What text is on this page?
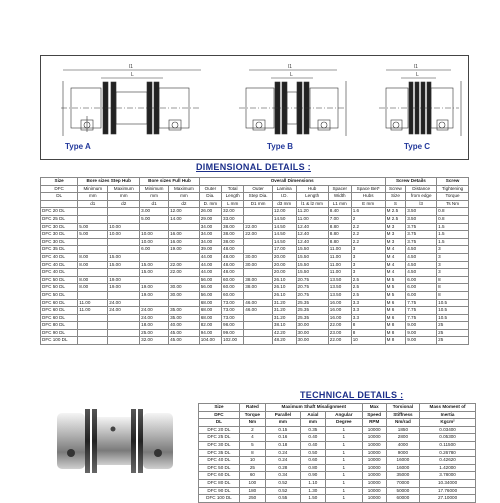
l1
L
l1
L
l1
L
Type A	Type B	Type C
DIMENSIONAL DETAILS :
Size	Bore sizes Step Hub		Bore sizes Full Hub		Overall Dimensions							Screw Details		Screw
DFC	Minimum	Maximum	Minimum	Maximum	Outer	Total	Outer	Lamina	Hub	Spacer	Space Bet*	Screw	Distance	Tightening
DL	mm	mm	mm	mm	Dia.	Length	Step Dia.	I.D.	Length	Width	Hubs	Size	from edge	Torque
	d1	d2	d1	d2	D. mm	L mm	D1 mm	d3 mm	l1 & l2 mm	L1 mm	E mm	S	l3	Ts Nm
DFC 20 DL			3.00	12.00	26.00	32.00		12.00	11.20	8.40	1.6	M 2.5	3.50	0.8
DFC 25 DL			5.00	14.00	29.00	33.00		14.50	11.00	7.00	2	M 2.5	3.50	0.8
DFC 30 DL	5.00	10.00			34.00	38.00	22.00	14.50	12.40	8.80	2.2	M 3	3.75	1.5
DFC 30 DL	5.00	10.00	10.00	16.00	34.00	38.00	22.00	14.50	12.40	8.80	2.2	M 3	3.75	1.5
DFC 30 DL			10.00	16.00	34.00	38.00		14.50	12.40	8.80	2.2	M 3	3.75	1.5
DFC 35 DL			6.00	19.00	39.00	48.00		17.00	15.50	11.00	3	M 4	4.50	3
DFC 40 DL	8.00	15.00			44.00	48.00	30.00	20.00	15.50	11.00	3	M 4	4.50	3
DFC 40 DL	8.00	15.00	15.00	22.00	44.00	48.00	30.00	20.00	15.50	11.00	3	M 4	4.50	3
DFC 40 DL			15.00	22.00	44.00	48.00		20.00	15.50	11.00	3	M 4	4.50	3
DFC 50 DL	8.00	19.00			56.00	60.00	38.00	26.10	20.75	13.50	2.5	M 5	6.00	8
DFC 50 DL	8.00	19.00	19.00	30.00	56.00	60.00	38.00	26.10	20.75	13.50	2.5	M 5	6.00	8
DFC 50 DL			19.00	30.00	56.00	60.00		26.10	20.75	13.50	2.5	M 5	6.00	8
DFC 60 DL	11.00	24.00			68.00	73.00	46.00	31.20	25.35	16.00	3.3	M 6	7.75	10.5
DFC 60 DL	11.00	24.00	24.00	35.00	68.00	73.00	46.00	31.20	25.35	16.00	3.3	M 6	7.75	10.5
DFC 60 DL			24.00	35.00	68.00	73.00		31.20	25.35	16.00	3.3	M 6	7.75	10.5
DFC 80 DL			18.00	40.00	82.00	98.00		38.10	30.00	22.00	8	M 8	9.00	25
DFC 90 DL			25.00	45.00	94.00	99.00		42.20	30.00	23.00	8	M 8	9.00	25
DFC 100 DL			32.00	45.00	104.00	102.00		48.20	30.00	22.00	10	M 8	9.00	25
TECHNICAL DETAILS :
Size	Rated	Maximum Shaft Misalignment			Max	Torsional	Mass Moment of
DFC	Torque	Parallel	Axial	Angular	Speed	Stiffness	Inertia
DL	Nm	mm	mm	Degree	RPM	Nm/rad	Kgcm²
DFC 20 DL	2	0.15	0.35	1	10000	1850	0.03400
DFC 25 DL	4	0.16	0.40	1	10000	2800	0.05300
DFC 30 DL	5	0.18	0.40	1	10000	4000	0.11500
DFC 35 DL	8	0.24	0.50	1	10000	9000	0.26780
DFC 40 DL	10	0.24	0.60	1	10000	16000	0.42620
DFC 50 DL	25	0.28	0.80	1	10000	16000	1.42000
DFC 60 DL	60	0.34	0.90	1	10000	35000	3.78000
DFC 80 DL	100	0.52	1.10	1	10000	70000	10.34000
DFC 90 DL	180	0.52	1.30	1	10000	50000	17.76000
DFC 100 DL	250	0.55	1.50	1	10000	60000	27.10000
